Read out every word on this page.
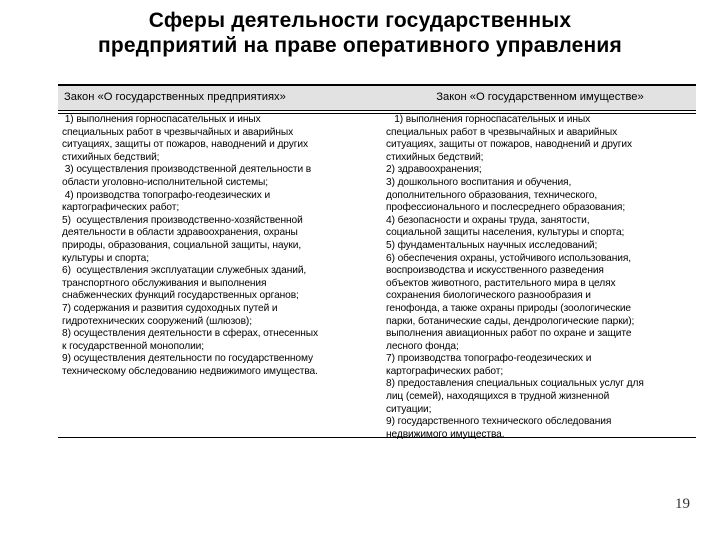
Сферы деятельности государственных
предприятий на праве оперативного управления
Закон «О государственных предприятиях»	Закон «О государственном имуществе»
1) выполнения горноспасательных и иных
специальных работ в чрезвычайных и аварийных
ситуациях, защиты от пожаров, наводнений и других
стихийных бедствий;
3) осуществления производственной деятельности в
области уголовно-исполнительной системы;
4) производства топографо-геодезических и
картографических работ;
5)  осуществления производственно-хозяйственной
деятельности в области здравоохранения, охраны
природы, образования, социальной защиты, науки,
культуры и спорта;
6)  осуществления эксплуатации служебных зданий,
транспортного обслуживания и выполнения
снабженческих функций государственных органов;
7) содержания и развития судоходных путей и
гидротехнических сооружений (шлюзов);
8) осуществления деятельности в сферах, отнесенных
к государственной монополии;
9) осуществления деятельности по государственному
техническому обследованию недвижимого имущества.
1) выполнения горноспасательных и иных
специальных работ в чрезвычайных и аварийных
ситуациях, защиты от пожаров, наводнений и других
стихийных бедствий;
2) здравоохранения;
3) дошкольного воспитания и обучения,
дополнительного образования, технического,
профессионального и послесреднего образования;
4) безопасности и охраны труда, занятости,
социальной защиты населения, культуры и спорта;
5) фундаментальных научных исследований;
6) обеспечения охраны, устойчивого использования,
воспроизводства и искусственного разведения
объектов животного, растительного мира в целях
сохранения биологического разнообразия и
генофонда, а также охраны природы (зоологические
парки, ботанические сады, дендрологические парки);
выполнения авиационных работ по охране и защите
лесного фонда;
7) производства топографо-геодезических и
картографических работ;
8) предоставления специальных социальных услуг для
лиц (семей), находящихся в трудной жизненной
ситуации;
9) государственного технического обследования
недвижимого имущества.
19
